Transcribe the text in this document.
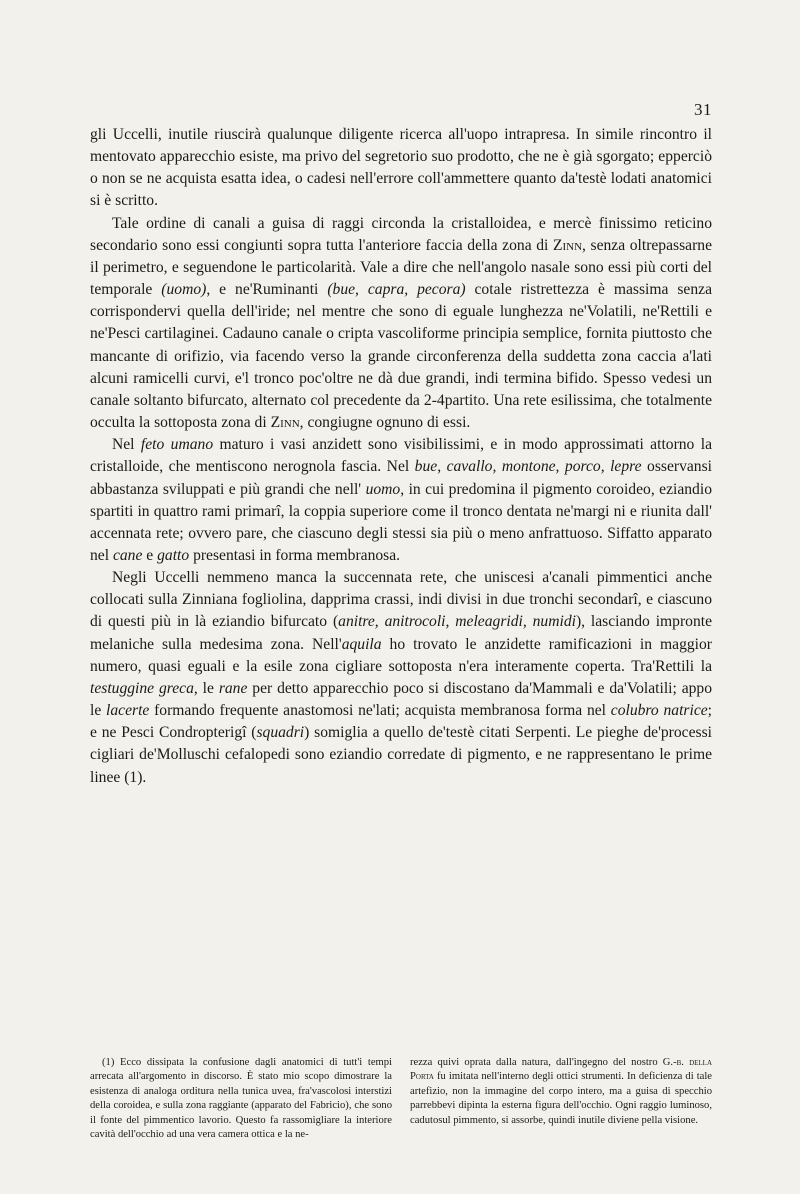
31

gli Uccelli, inutile riuscirà qualunque diligente ricerca all'uopo intrapresa. In simile rincontro il mentovato apparecchio esiste, ma privo del segretorio suo prodotto, che ne è già sgorgato; epperciò o non se ne acquista esatta idea, o cadesi nell'errore coll'ammettere quanto da'testè lodati anatomici si è scritto.

Tale ordine di canali a guisa di raggi circonda la cristalloidea, e mercè finissimo reticino secondario sono essi congiunti sopra tutta l'anteriore faccia della zona di Zinn, senza oltrepassarne il perimetro, e seguendone le particolarità. Vale a dire che nell'angolo nasale sono essi più corti del temporale (uomo), e ne'Ruminanti (bue, capra, pecora) cotale ristrettezza è massima senza corrispondervi quella dell'iride; nel mentre che sono di eguale lunghezza ne'Volatili, ne'Rettili e ne'Pesci cartilaginei. Cadauno canale o cripta vascoliforme principia semplice, fornita piuttosto che mancante di orifizio, via facendo verso la grande circonferenza della suddetta zona caccia a'lati alcuni ramicelli curvi, e'l tronco poc'oltre ne dà due grandi, indi termina bifido. Spesso vedesi un canale soltanto bifurcato, alternato col precedente da 2-4partito. Una rete esilissima, che totalmente occulta la sottoposta zona di Zinn, congiugne ognuno di essi.

Nel feto umano maturo i vasi anzidett sono visibilissimi, e in modo approssimati attorno la cristalloide, che mentiscono nerognola fascia. Nel bue, cavallo, montone, porco, lepre osservansi abbastanza sviluppati e più grandi che nell' uomo, in cui predomina il pigmento coroideo, eziandio spartiti in quattro rami primarî, la coppia superiore come il tronco dentata ne'margi ni e riunita dall' accennata rete; ovvero pare, che ciascuno degli stessi sia più o meno anfrattuoso. Siffatto apparato nel cane e gatto presentasi in forma membranosa.

Negli Uccelli nemmeno manca la succennata rete, che uniscesi a'canali pimmentici anche collocati sulla Zinniana fogliolina, dapprima crassi, indi divisi in due tronchi secondarî, e ciascuno di questi più in là eziandio bifurcato (anitre, anitrocoli, meleagridi, numidi), lasciando impronte melaniche sulla medesima zona. Nell'aquila ho trovato le anzidette ramificazioni in maggior numero, quasi eguali e la esile zona cigliare sottoposta n'era interamente coperta. Tra'Rettili la testuggine greca, le rane per detto apparecchio poco si discostano da'Mammali e da'Volatili; appo le lacerte formando frequente anastomosi ne'lati; acquista membranosa forma nel colubro natrice; e ne Pesci Condropterigî (squadri) somiglia a quello de'testè citati Serpenti. Le pieghe de'processi cigliari de'Molluschi cefalopedi sono eziandio corredate di pigmento, e ne rappresentano le prime linee (1).

(1) Ecco dissipata la confusione dagli anatomici di tutt'i tempi arrecata all'argomento in discorso. È stato mio scopo dimostrare la esistenza di analoga orditura nella tunica uvea, fra'vascolosi interstizi della coroidea, e sulla zona raggiante (apparato del Fabricio), che sono il fonte del pimmentico lavorio. Questo fa rassomigliare la interiore cavità dell'occhio ad una vera camera ottica e la ne-

rezza quivi oprata dalla natura, dall'ingegno del nostro G.-b. della Porta fu imitata nell'interno degli ottici strumenti. In deficienza di tale artefizio, non la immagine del corpo intero, ma a guisa di specchio parrebbevi dipinta la esterna figura dell'occhio. Ogni raggio luminoso, cadutosul pimmento, si assorbe, quindi inutile diviene pella visione.
